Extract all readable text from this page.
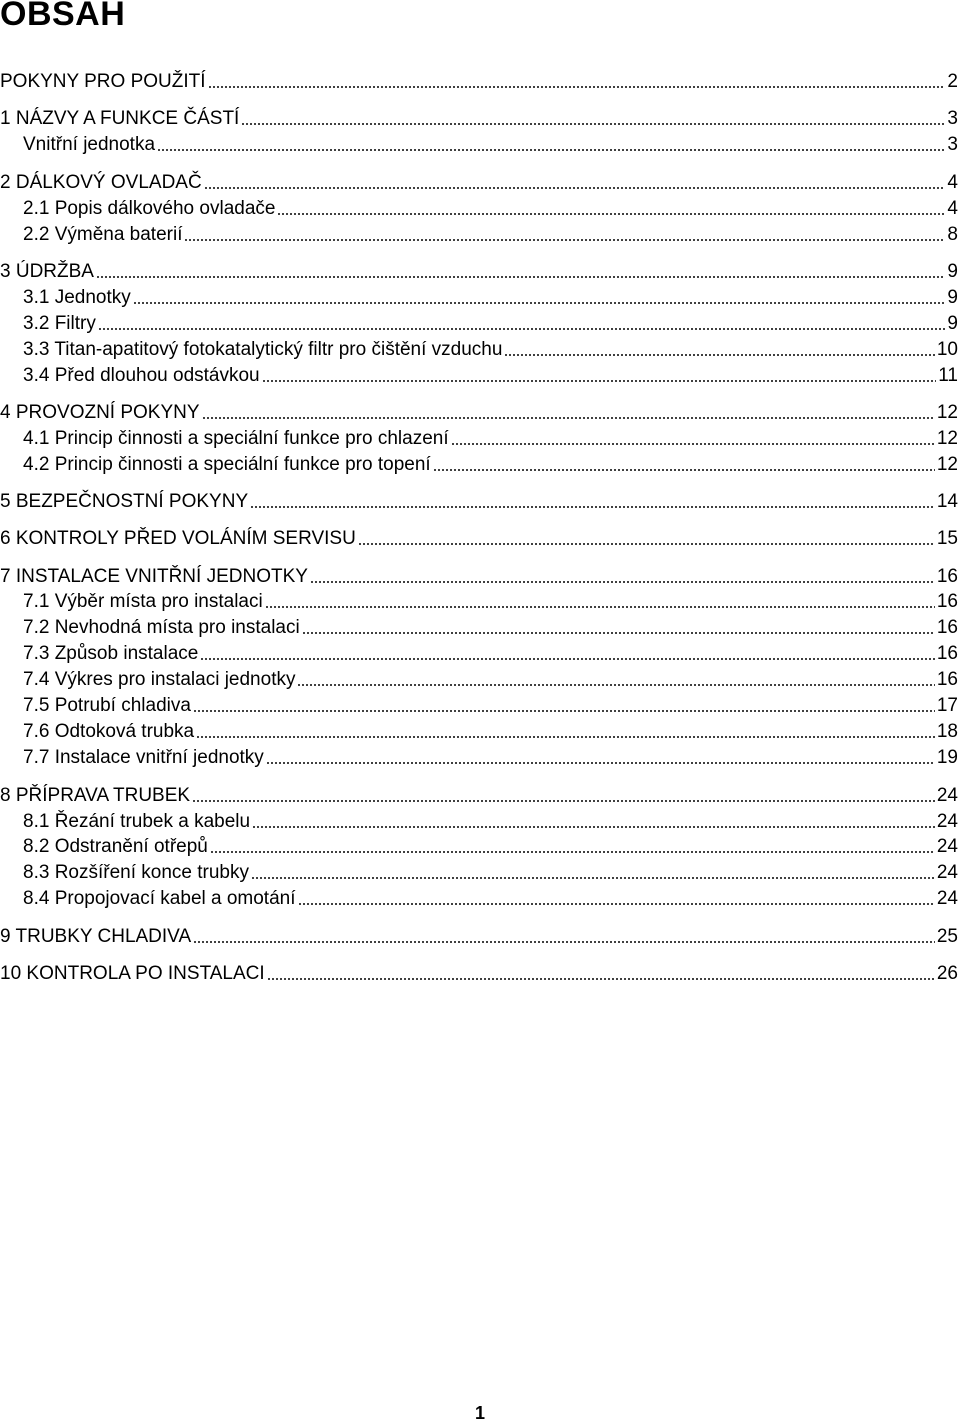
OBSAH
POKYNY PRO POUŽITÍ	2
1 NÁZVY A FUNKCE ČÁSTÍ	3
Vnitřní jednotka	3
2 DÁLKOVÝ OVLADAČ	4
2.1 Popis dálkového ovladače	4
2.2 Výměna baterií	8
3 ÚDRŽBA	9
3.1 Jednotky	9
3.2 Filtry	9
3.3 Titan-apatitový fotokatalytický filtr pro čištění vzduchu	10
3.4 Před dlouhou odstávkou	11
4 PROVOZNÍ POKYNY	12
4.1 Princip činnosti a speciální funkce pro chlazení	12
4.2 Princip činnosti a speciální funkce pro topení	12
5 BEZPEČNOSTNÍ POKYNY	14
6 KONTROLY PŘED VOLÁNÍM SERVISU	15
7 INSTALACE VNITŘNÍ JEDNOTKY	16
7.1 Výběr místa pro instalaci	16
7.2 Nevhodná místa pro instalaci	16
7.3 Způsob instalace	16
7.4 Výkres pro instalaci jednotky	16
7.5 Potrubí chladiva	17
7.6 Odtoková trubka	18
7.7 Instalace vnitřní jednotky	19
8 PŘÍPRAVA TRUBEK	24
8.1 Řezání trubek a kabelu	24
8.2 Odstranění otřepů	24
8.3 Rozšíření konce trubky	24
8.4 Propojovací kabel a omotání	24
9 TRUBKY CHLADIVA	25
10 KONTROLA PO INSTALACI	26
1
